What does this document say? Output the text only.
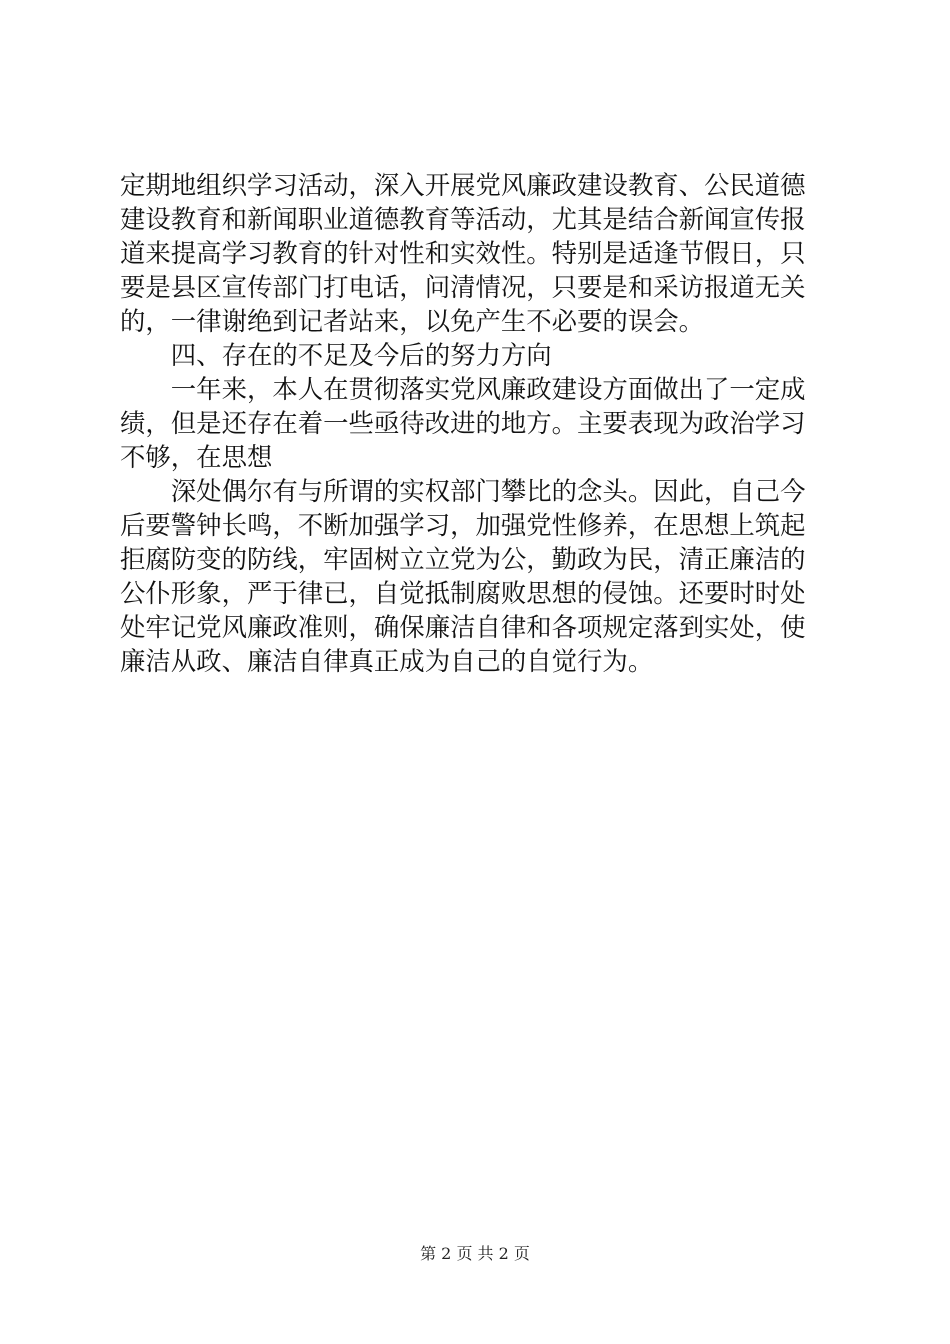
定期地组织学习活动，深入开展党风廉政建设教育、公民道德

建设教育和新闻职业道德教育等活动，尤其是结合新闻宣传报

道来提高学习教育的针对性和实效性。特别是适逢节假日，只

要是县区宣传部门打电话，问清情况，只要是和采访报道无关

的，一律谢绝到记者站来，以免产生不必要的误会。

　　四、存在的不足及今后的努力方向

　　一年来，本人在贯彻落实党风廉政建设方面做出了一定成

绩，但是还存在着一些亟待改进的地方。主要表现为政治学习

不够，在思想

　　深处偶尔有与所谓的实权部门攀比的念头。因此，自己今

后要警钟长鸣，不断加强学习，加强党性修养，在思想上筑起

拒腐防变的防线，牢固树立立党为公，勤政为民，清正廉洁的

公仆形象，严于律已，自觉抵制腐败思想的侵蚀。还要时时处

处牢记党风廉政准则，确保廉洁自律和各项规定落到实处，使

廉洁从政、廉洁自律真正成为自己的自觉行为。

第 2 页 共 2 页
